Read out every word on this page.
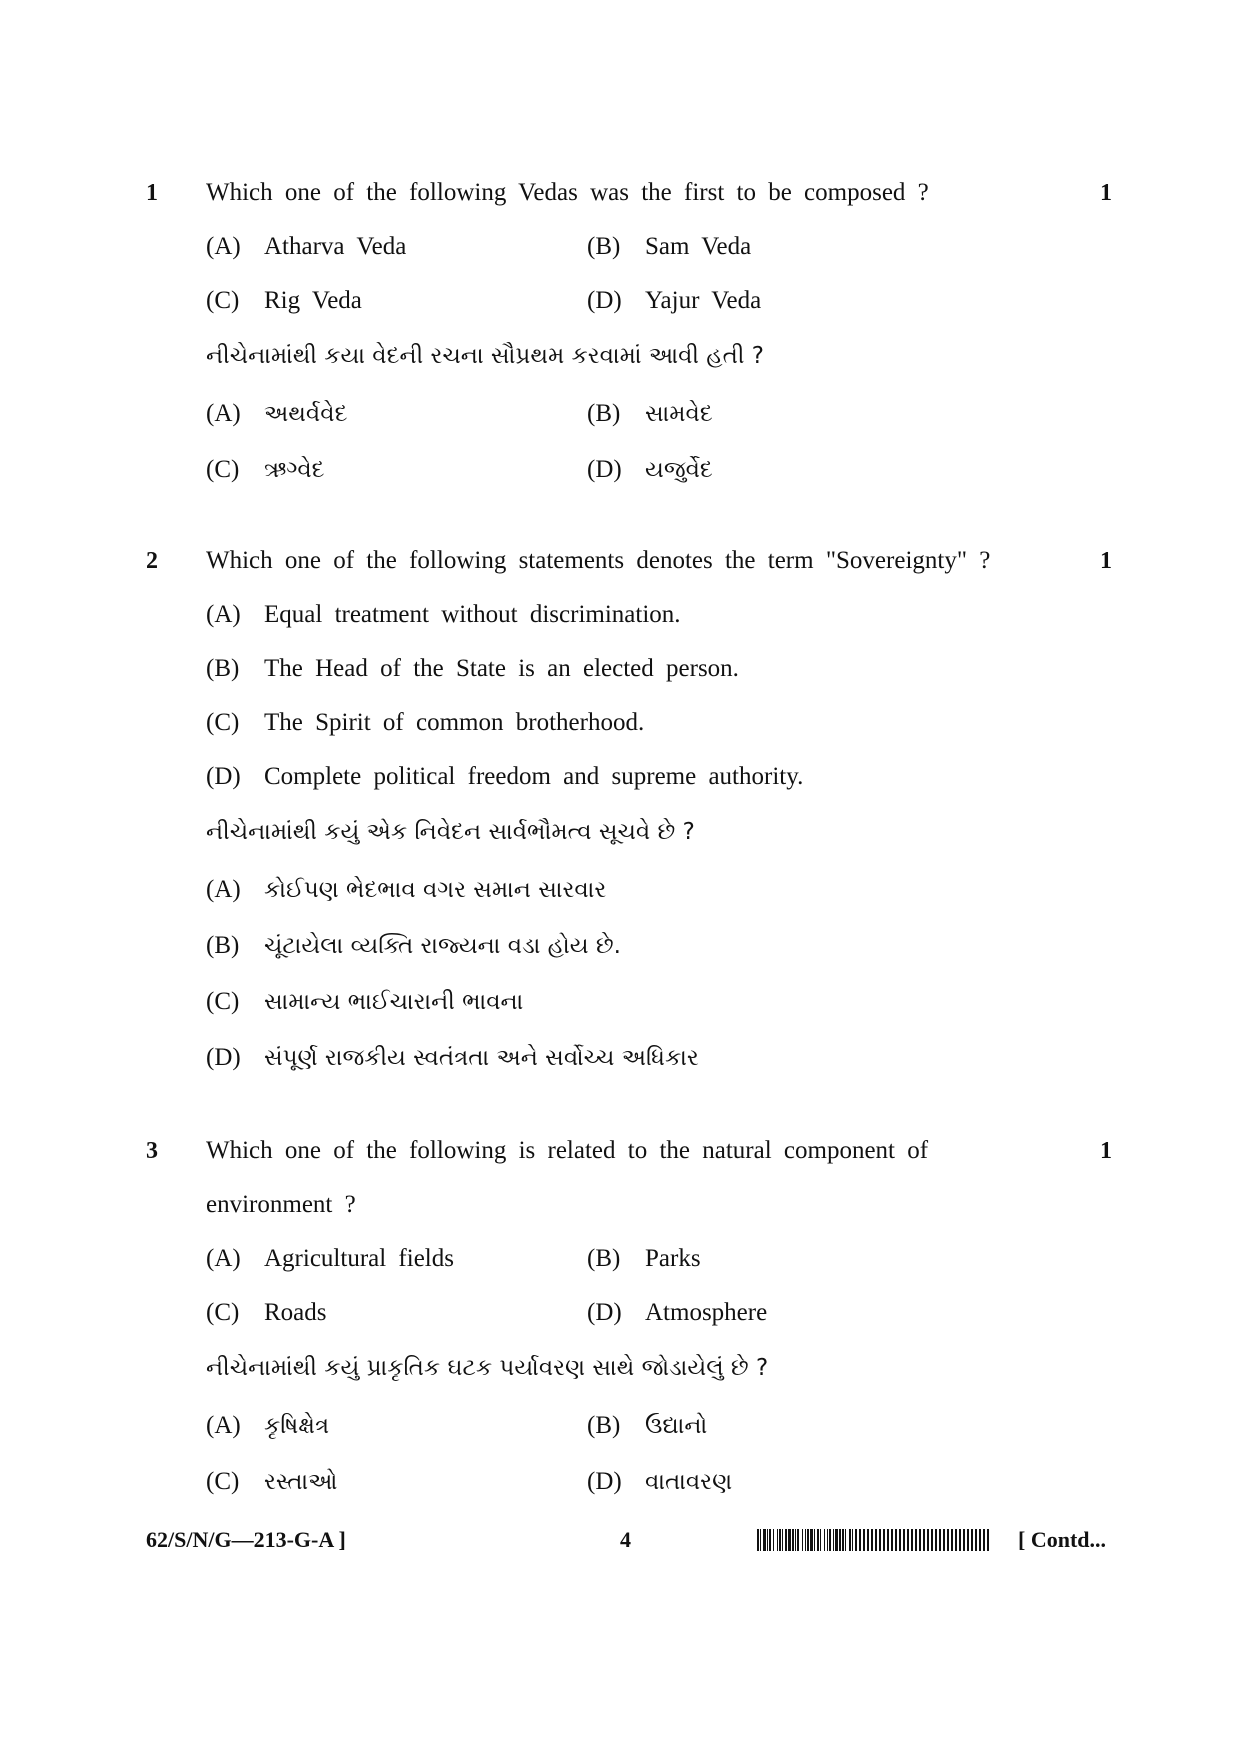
1 Which one of the following Vedas was the first to be composed ?	1
(A) Atharva Veda	(B) Sam Veda
(C) Rig Veda	(D) Yajur Veda
નીચેનામાંથી કયા વેદની રચના સૌપ્રથમ કરવામાં આવી હતી ?
(A) અથર્વવેદ	(B) સામવેદ
(C) ઋગ્વેદ	(D) યજુર્વેદ
2 Which one of the following statements denotes the term "Sovereignty" ?	1
(A) Equal treatment without discrimination.
(B) The Head of the State is an elected person.
(C) The Spirit of common brotherhood.
(D) Complete political freedom and supreme authority.
નીચેનામાંથી કયું એક નિવેદન સાર્વભૌમત્વ સૂચવે છે ?
(A) કોઈપણ ભેદભાવ વગર સમાન સારવાર
(B) ચૂંટાયેલા વ્યક્તિ રાજ્યના વડા હોય છે.
(C) સામાન્ય ભાઈચારાની ભાવના
(D) સંપૂર્ણ રાજકીય સ્વતંત્રતા અને સર્વોચ્ચ અધિકાર
3 Which one of the following is related to the natural component of
environment ?
1
(A) Agricultural fields	(B) Parks
(C) Roads	(D) Atmosphere
નીચેનામાંથી કયું પ્રાકૃતિક ઘટક પર્યાવરણ સાથે જોડાયેલું છે ?
(A) કૃષિક્ષેત્ર	(B) ઉદ્યાનો
(C) રસ્તાઓ	(D) વાતાવરણ
62/S/N/G—213-G-A ]	4	[ Contd...
